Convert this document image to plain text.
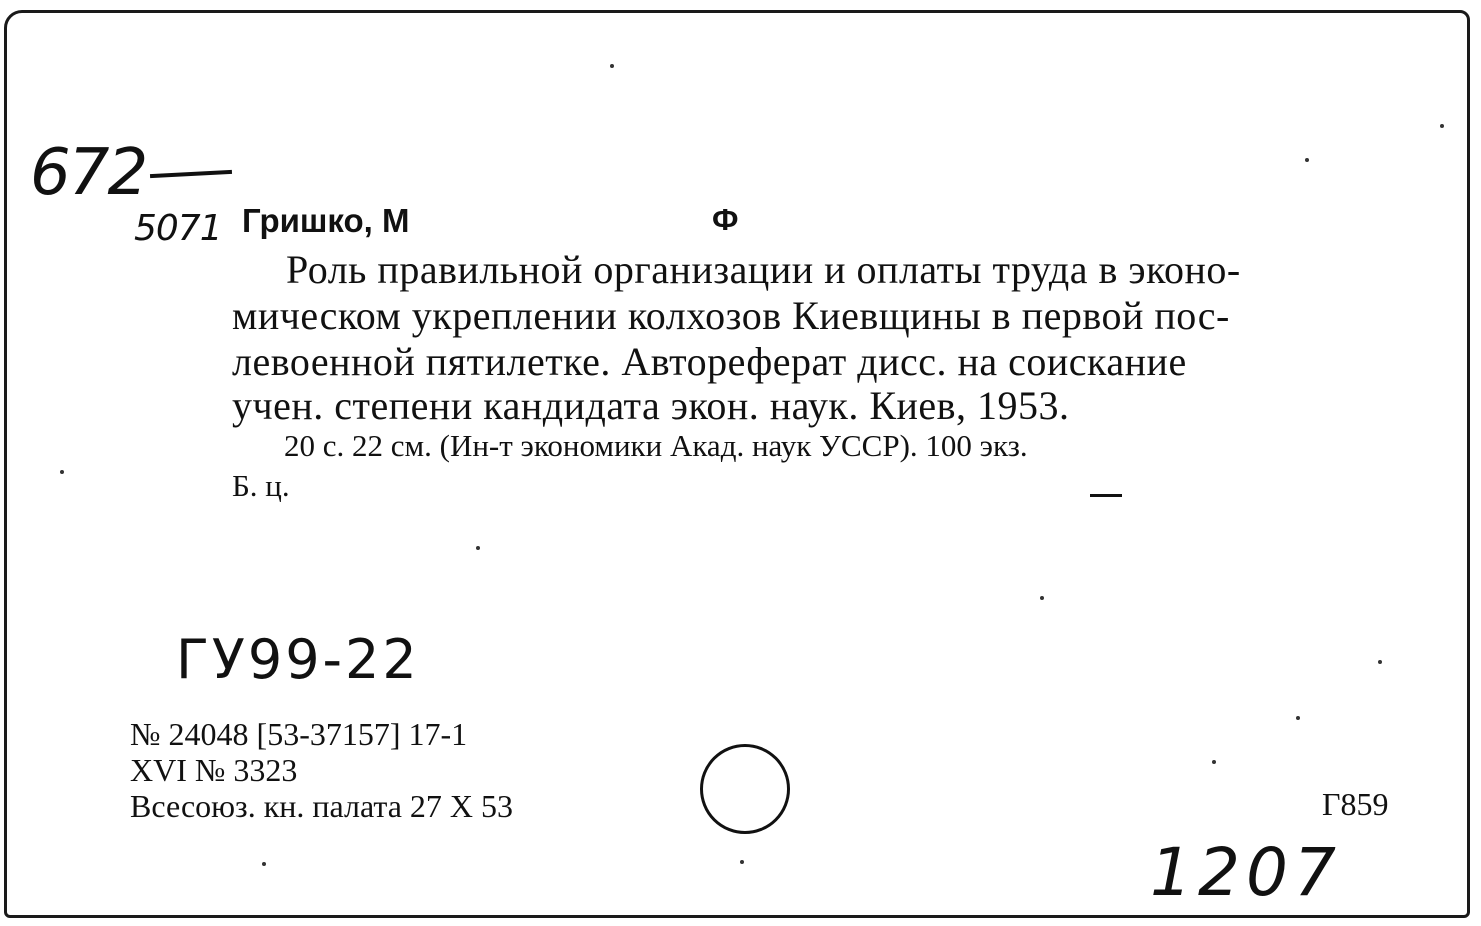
672
5071 Гришко, М	Ф
Роль правильной организации и оплаты труда в эконо-
мическом укреплении колхозов Киевщины в первой пос-
левоенной пятилетке. Автореферат дисс. на соискание
учен. степени кандидата экон. наук. Киев, 1953.
20 с. 22 см. (Ин-т экономики Акад. наук УССР). 100 экз.
Б. ц.
ГУ99-22
№ 24048 [53-37157] 17-1
XVI № 3323
Всесоюз. кн. палата 27 X 53	Г859
1207
